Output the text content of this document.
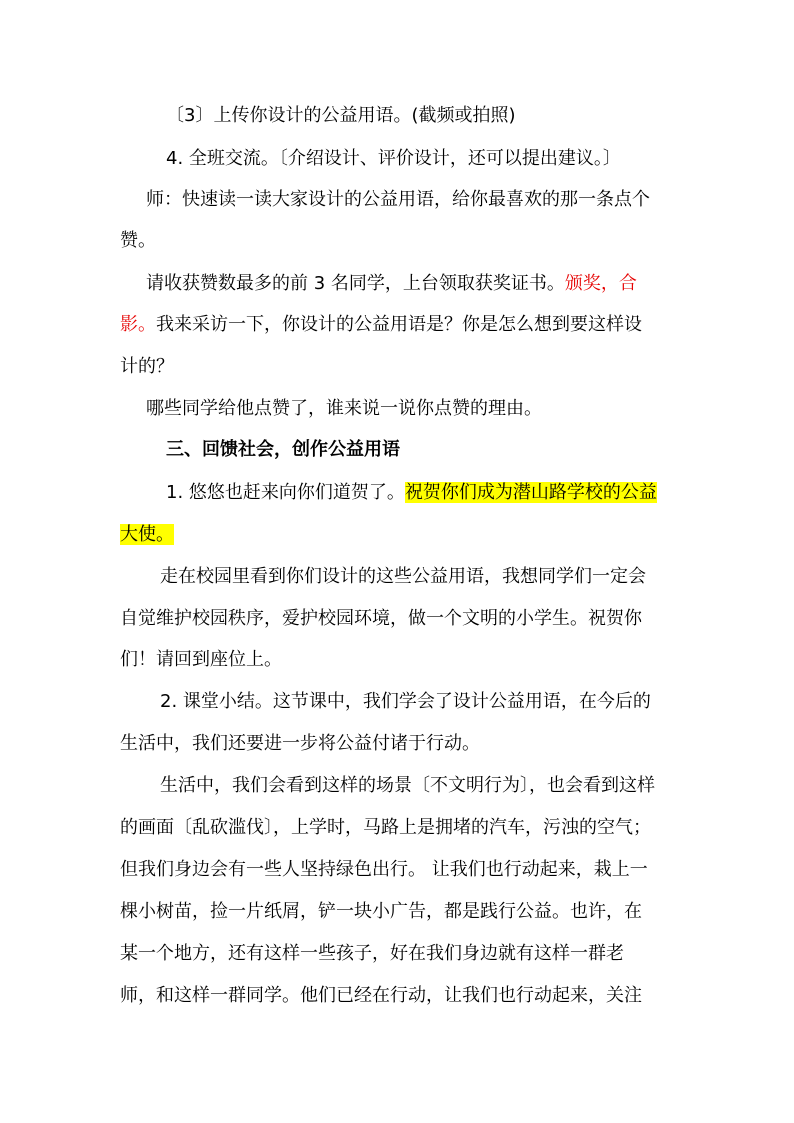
〔3〕上传你设计的公益用语。(截频或拍照)
4. 全班交流。〔介绍设计、评价设计，还可以提出建议。〕
师：快速读一读大家设计的公益用语，给你最喜欢的那一条点个
赞。
请收获赞数最多的前 3 名同学，上台领取获奖证书。颁奖，合
影。我来采访一下，你设计的公益用语是？你是怎么想到要这样设
计的？
哪些同学给他点赞了，谁来说一说你点赞的理由。
三、回馈社会，创作公益用语
1. 悠悠也赶来向你们道贺了。祝贺你们成为潜山路学校的公益
大使。
走在校园里看到你们设计的这些公益用语，我想同学们一定会
自觉维护校园秩序，爱护校园环境，做一个文明的小学生。祝贺你
们！请回到座位上。
2. 课堂小结。这节课中，我们学会了设计公益用语，在今后的
生活中，我们还要进一步将公益付诸于行动。
生活中，我们会看到这样的场景〔不文明行为〕，也会看到这样
的画面〔乱砍滥伐〕，上学时，马路上是拥堵的汽车，污浊的空气；
但我们身边会有一些人坚持绿色出行。 让我们也行动起来，栽上一
棵小树苗，捡一片纸屑，铲一块小广告，都是践行公益。也许，在
某一个地方，还有这样一些孩子，好在我们身边就有这样一群老
师，和这样一群同学。他们已经在行动，让我们也行动起来，关注
